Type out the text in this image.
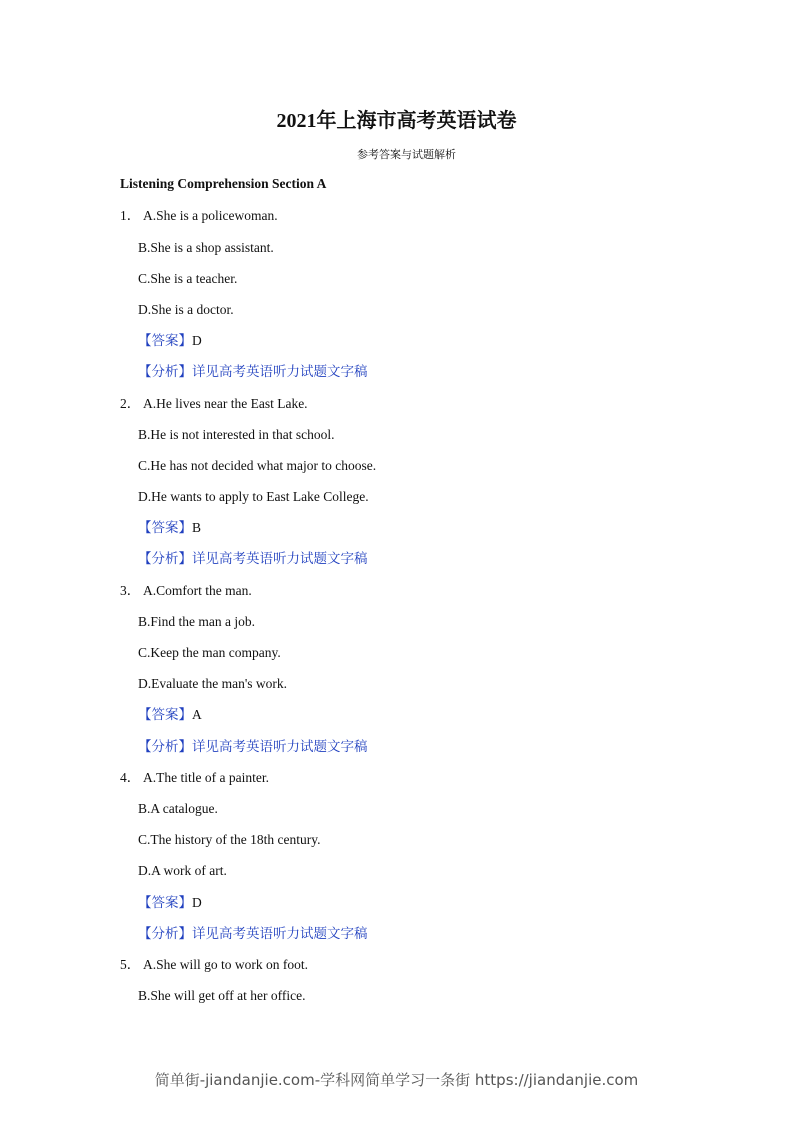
2021年上海市高考英语试卷
参考答案与试题解析
Listening Comprehension Section A
1． A.She is a policewoman.
B.She is a shop assistant.
C.She is a teacher.
D.She is a doctor.
【答案】D
【分析】详见高考英语听力试题文字稿
2． A.He lives near the East Lake.
B.He is not interested in that school.
C.He has not decided what major to choose.
D.He wants to apply to East Lake College.
【答案】B
【分析】详见高考英语听力试题文字稿
3． A.Comfort the man.
B.Find the man a job.
C.Keep the man company.
D.Evaluate the man's work.
【答案】A
【分析】详见高考英语听力试题文字稿
4． A.The title of a painter.
B.A catalogue.
C.The history of the 18th century.
D.A work of art.
【答案】D
【分析】详见高考英语听力试题文字稿
5． A.She will go to work on foot.
B.She will get off at her office.
简单街-jiandanjie.com-学科网简单学习一条街 https://jiandanjie.com
